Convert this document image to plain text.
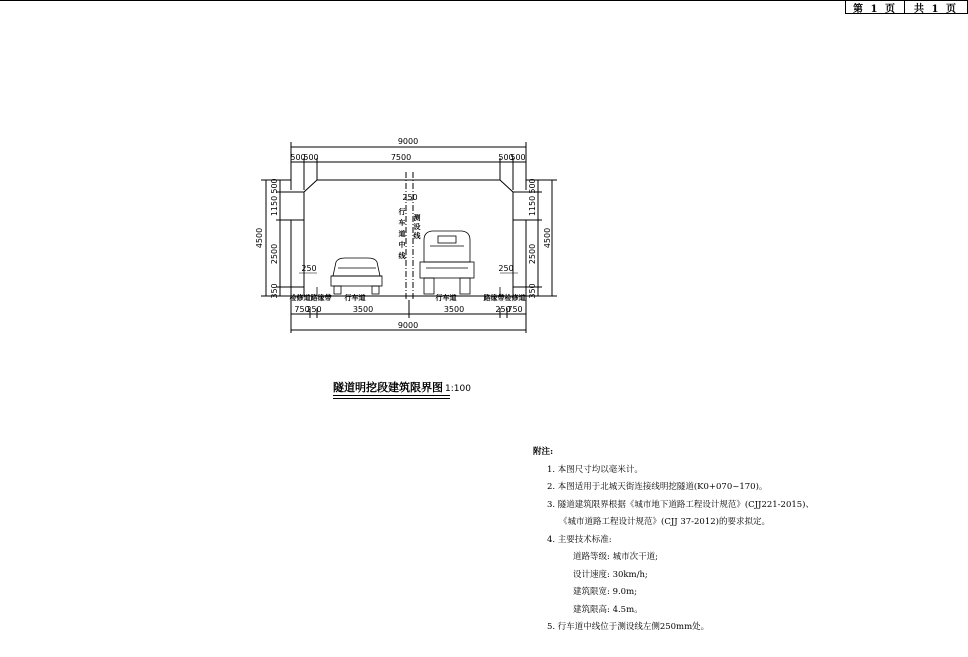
第 1 页	共 1 页
9000
500
500	7500	500
500
4500
500
1150
2500
350
4500
500
1150
2500
350
250
250	250
750
250	3500	3500	250
750
9000
检修道 路缘带 行车道	行车道	路缘带 检修道
行车道中线
测设线
隧道明挖段建筑限界图 1:100
附注:
1. 本图尺寸均以毫米计。
2. 本图适用于北城天街连接线明挖隧道(K0+070~170)。
3. 隧道建筑限界根据《城市地下道路工程设计规范》(CJJ221-2015)、
《城市道路工程设计规范》(CJJ 37-2012)的要求拟定。
4. 主要技术标准:
道路等级: 城市次干道;
设计速度: 30km/h;
建筑限宽: 9.0m;
建筑限高: 4.5m。
5. 行车道中线位于测设线左侧250mm处。
